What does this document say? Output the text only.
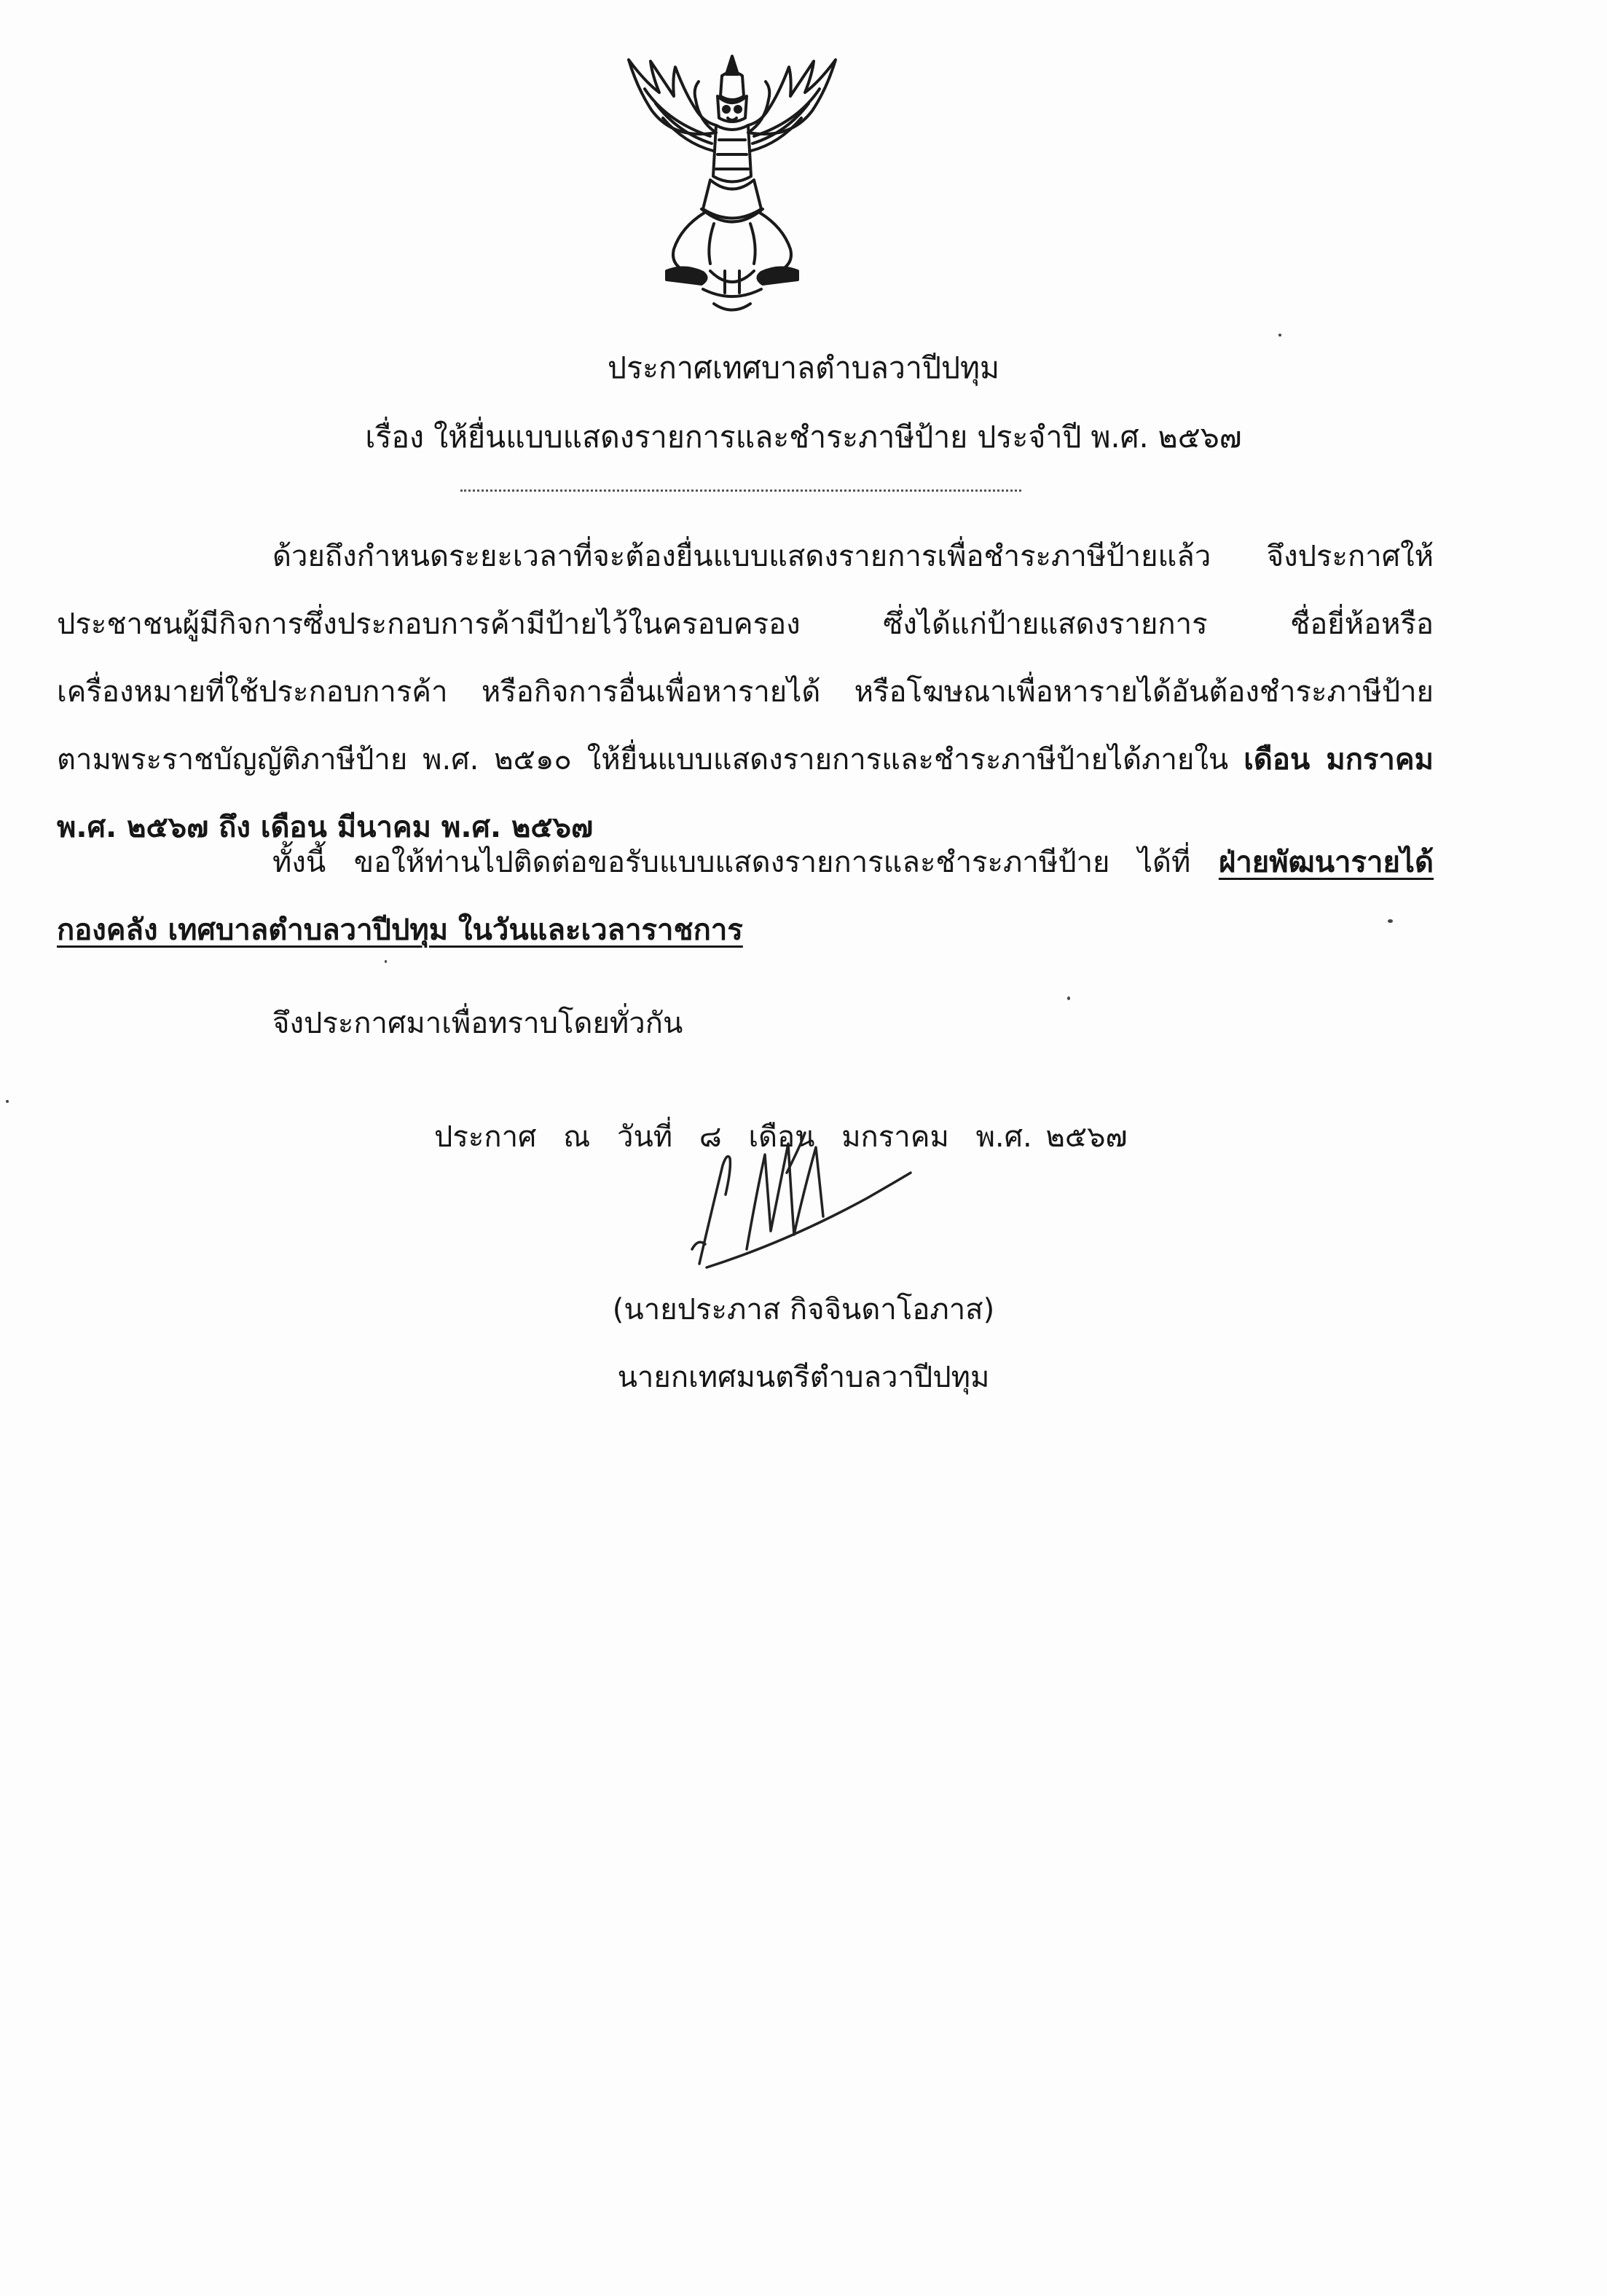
ประกาศเทศบาลตำบลวาปีปทุม
เรื่อง ให้ยื่นแบบแสดงรายการและชำระภาษีป้าย ประจำปี พ.ศ. ๒๕๖๗
ด้วยถึงกำหนดระยะเวลาที่จะต้องยื่นแบบแสดงรายการเพื่อชำระภาษีป้ายแล้ว จึงประกาศให้ประชาชนผู้มีกิจการซึ่งประกอบการค้ามีป้ายไว้ในครอบครอง ซึ่งได้แก่ป้ายแสดงรายการ ชื่อยี่ห้อหรือเครื่องหมายที่ใช้ประกอบการค้า หรือกิจการอื่นเพื่อหารายได้ หรือโฆษณาเพื่อหารายได้อันต้องชำระภาษีป้าย ตามพระราชบัญญัติภาษีป้าย พ.ศ. ๒๕๑๐ ให้ยื่นแบบแสดงรายการและชำระภาษีป้ายได้ภายใน เดือน มกราคม พ.ศ. ๒๕๖๗ ถึง เดือน มีนาคม พ.ศ. ๒๕๖๗
ทั้งนี้ ขอให้ท่านไปติดต่อขอรับแบบแสดงรายการและชำระภาษีป้าย ได้ที่ ฝ่ายพัฒนารายได้ กองคลัง เทศบาลตำบลวาปีปทุม ในวันและเวลาราชการ
จึงประกาศมาเพื่อทราบโดยทั่วกัน
ประกาศ ณ วันที่ ๘ เดือน มกราคม พ.ศ. ๒๕๖๗
(นายประภาส กิจจินดาโอภาส)
นายกเทศมนตรีตำบลวาปีปทุม
